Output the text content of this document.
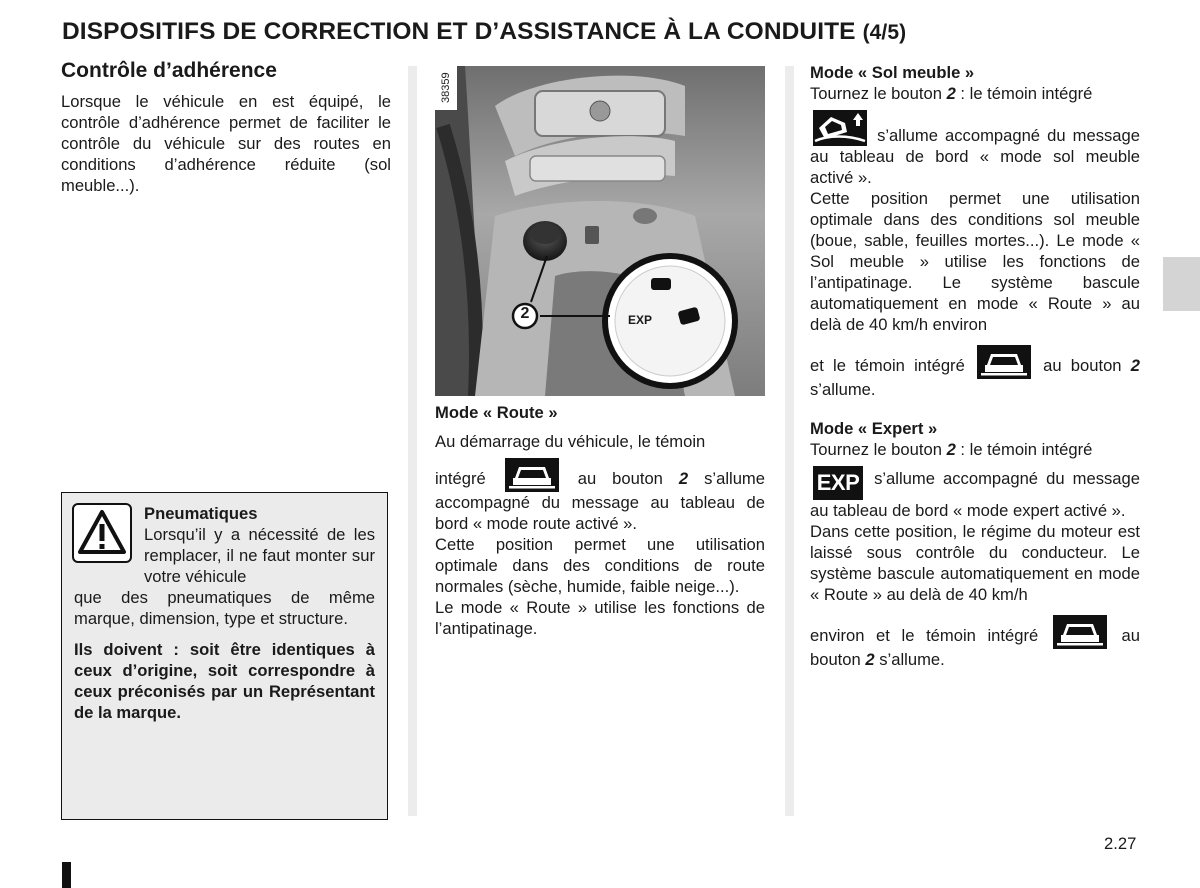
DISPOSITIFS DE CORRECTION ET D’ASSISTANCE À LA CONDUITE (4/5)
Contrôle d’adhérence

Lorsque le véhicule en est équipé, le contrôle d’adhérence permet de faciliter le contrôle du véhicule sur des routes en conditions d’adhérence réduite (sol meuble...).

Pneumatiques

Lorsqu’il y a nécessité de les remplacer, il ne faut monter sur votre véhicule

que des pneumatiques de même marque, dimension, type et structure.

Ils doivent : soit être identiques à ceux d’origine, soit correspondre à ceux préconisés par un Représentant de la marque.

38359
2	EXP
Mode « Route »

Au démarrage du véhicule, le témoin

intégré	au bouton 2 s’allume accompagné du message au tableau de bord « mode route activé ».

Cette position permet une utilisation optimale dans des conditions de route normales (sèche, humide, faible neige...).

Le mode « Route » utilise les fonctions de l’antipatinage.

Mode « Sol meuble »

Tournez le bouton 2 : le témoin intégré

s’allume accompagné du message au tableau de bord « mode sol meuble activé ».

Cette position permet une utilisation optimale dans des conditions sol meuble (boue, sable, feuilles mortes...). Le mode « Sol meuble » utilise les fonctions de l’antipatinage. Le système bascule automatiquement en mode « Route » au delà de 40 km/h environ

et le témoin intégré	au bouton 2 s’allume.

Mode « Expert »

Tournez le bouton 2 : le témoin intégré

EXP s’allume accompagné du message au tableau de bord « mode expert activé ».

Dans cette position, le régime du moteur est laissé sous contrôle du conducteur. Le système bascule automatiquement en mode « Route » au delà de 40 km/h

environ et le témoin intégré	au bouton 2 s’allume.

2.27
